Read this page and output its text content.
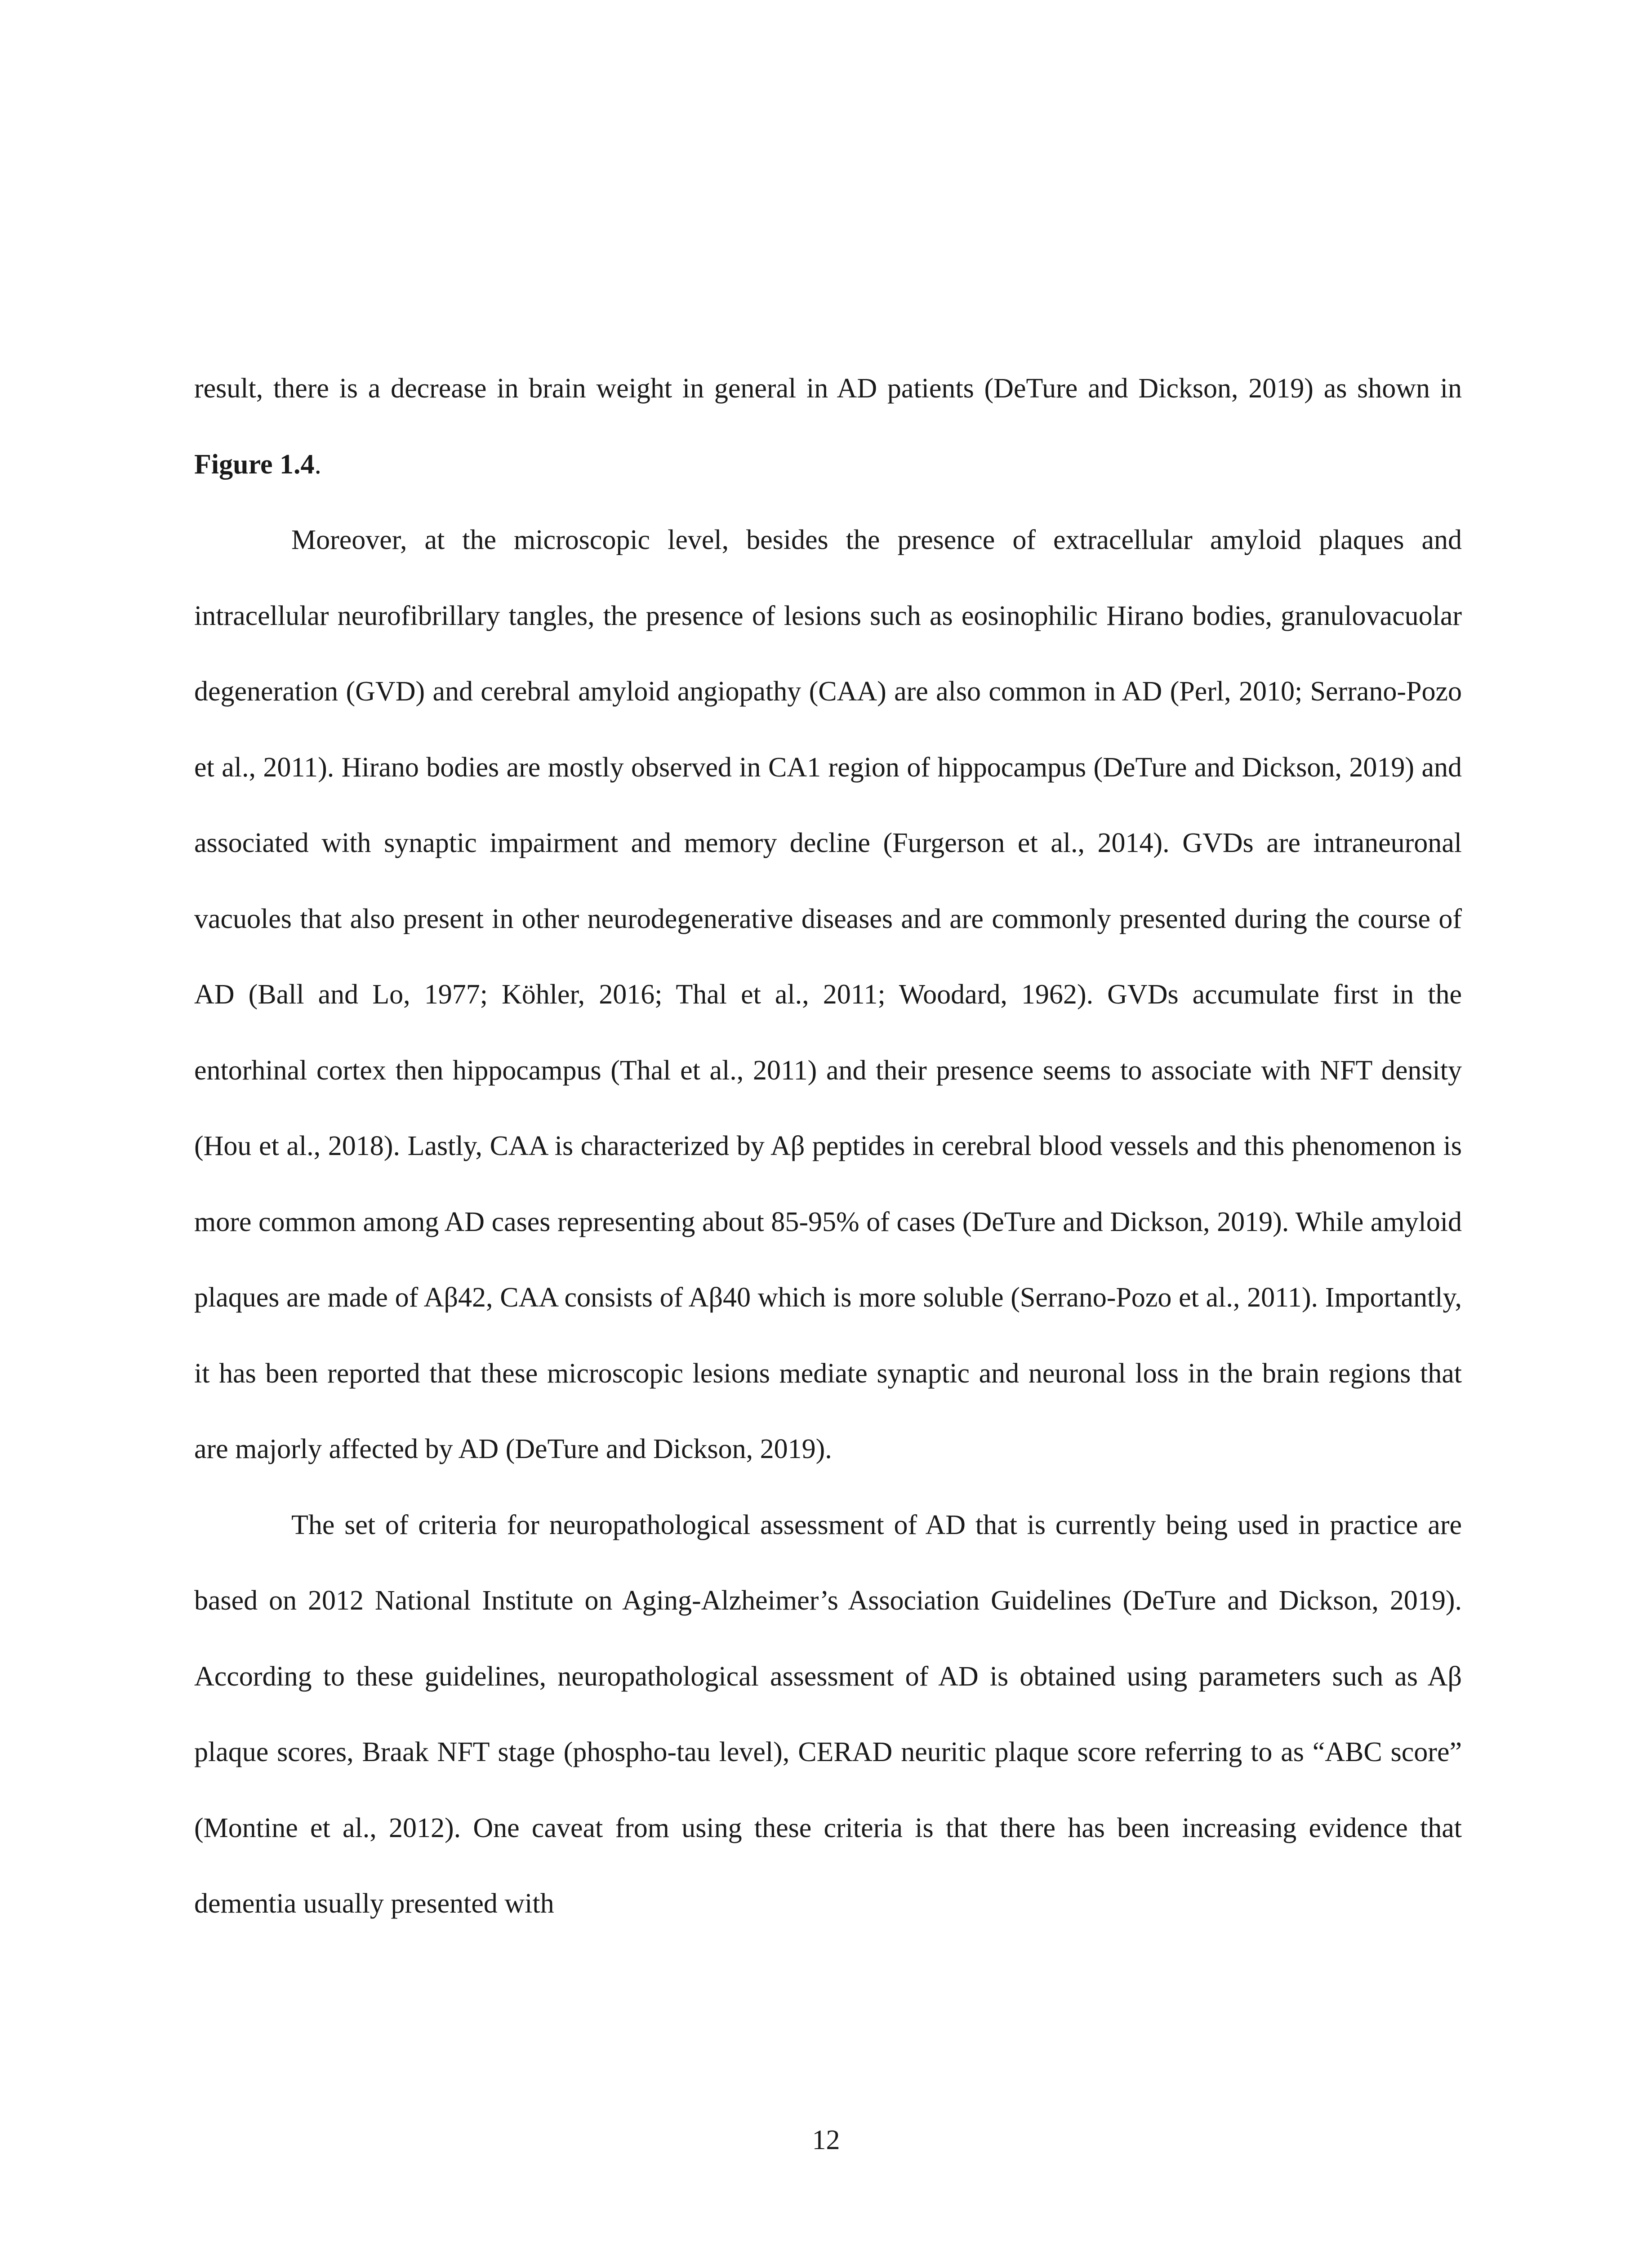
result, there is a decrease in brain weight in general in AD patients (DeTure and Dickson, 2019) as shown in Figure 1.4.

Moreover, at the microscopic level, besides the presence of extracellular amyloid plaques and intracellular neurofibrillary tangles, the presence of lesions such as eosinophilic Hirano bodies, granulovacuolar degeneration (GVD) and cerebral amyloid angiopathy (CAA) are also common in AD (Perl, 2010; Serrano-Pozo et al., 2011). Hirano bodies are mostly observed in CA1 region of hippocampus (DeTure and Dickson, 2019) and associated with synaptic impairment and memory decline (Furgerson et al., 2014). GVDs are intraneuronal vacuoles that also present in other neurodegenerative diseases and are commonly presented during the course of AD (Ball and Lo, 1977; Köhler, 2016; Thal et al., 2011; Woodard, 1962). GVDs accumulate first in the entorhinal cortex then hippocampus (Thal et al., 2011) and their presence seems to associate with NFT density (Hou et al., 2018). Lastly, CAA is characterized by Aβ peptides in cerebral blood vessels and this phenomenon is more common among AD cases representing about 85-95% of cases (DeTure and Dickson, 2019). While amyloid plaques are made of Aβ42, CAA consists of Aβ40 which is more soluble (Serrano-Pozo et al., 2011). Importantly, it has been reported that these microscopic lesions mediate synaptic and neuronal loss in the brain regions that are majorly affected by AD (DeTure and Dickson, 2019).

The set of criteria for neuropathological assessment of AD that is currently being used in practice are based on 2012 National Institute on Aging-Alzheimer’s Association Guidelines (DeTure and Dickson, 2019). According to these guidelines, neuropathological assessment of AD is obtained using parameters such as Aβ plaque scores, Braak NFT stage (phospho-tau level), CERAD neuritic plaque score referring to as “ABC score” (Montine et al., 2012). One caveat from using these criteria is that there has been increasing evidence that dementia usually presented with

12
